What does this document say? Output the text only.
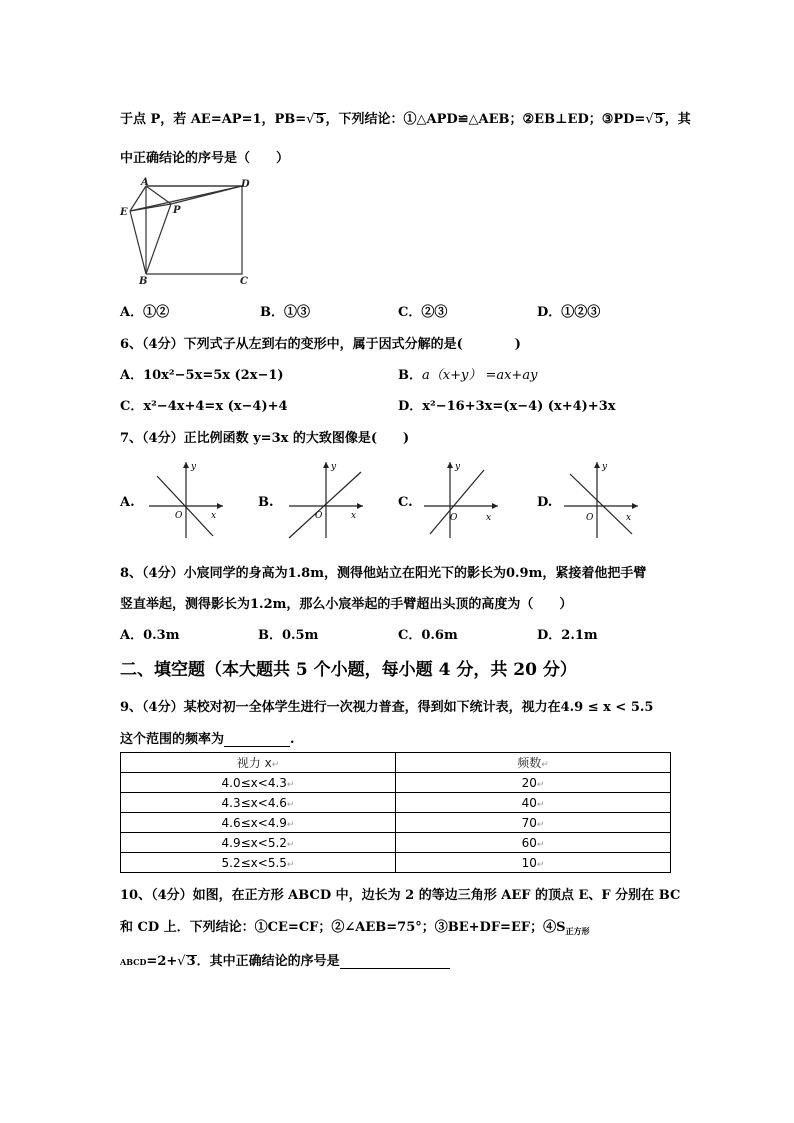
于点 P，若 AE=AP=1，PB=√5，下列结论：①△APD≌△AEB；②EB⊥ED；③PD=√5，其
中正确结论的序号是（　　）
A	D
E	P
B	C
A．①②	B．①③	C．②③	D．①②③
6、（4分）下列式子从左到右的变形中，属于因式分解的是(　　　　)
A．10x²−5x=5x (2x−1)	B．a（x+y） =ax+ay
C．x²−4x+4=x (x−4)+4	D．x²−16+3x=(x−4) (x+4)+3x
7、（4分）正比例函数 y=3x 的大致图像是(　　)
A.
y
x
O
B.
y
x
O
C.
y
x
O
D.
y
x
O
8、（4分）小宸同学的身高为1.8m，测得他站立在阳光下的影长为0.9m，紧接着他把手臂
竖直举起，测得影长为1.2m，那么小宸举起的手臂超出头顶的高度为（　　）
A．0.3m	B．0.5m	C．0.6m	D．2.1m
二、填空题（本大题共 5 个小题，每小题 4 分，共 20 分）
9、（4分）某校对初一全体学生进行一次视力普查，得到如下统计表，视力在4.9 ≤ x < 5.5
这个范围的频率为	.
视力 x↵	频数↵
4.0≤x<4.3↵	20↵
4.3≤x<4.6↵	40↵
4.6≤x<4.9↵	70↵
4.9≤x<5.2↵	60↵
5.2≤x<5.5↵	10↵
10、（4分）如图，在正方形 ABCD 中，边长为 2 的等边三角形 AEF 的顶点 E、F 分别在 BC
和 CD 上．下列结论：①CE=CF；②∠AEB=75°；③BE+DF=EF；$④S_{正方形}$
ABCD=2+√3．其中正确结论的序号是
